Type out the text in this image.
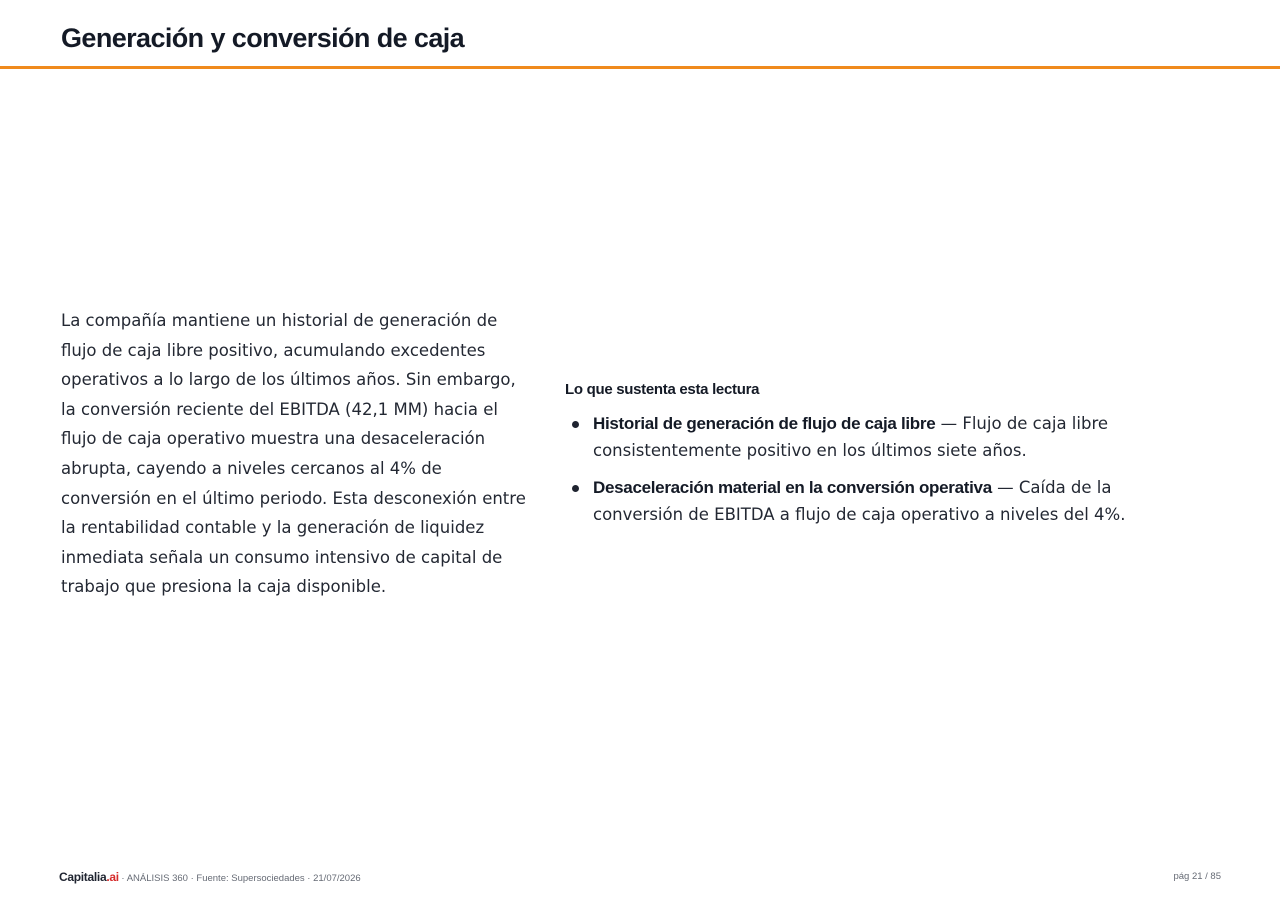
Generación y conversión de caja

La compañía mantiene un historial de generación de flujo de caja libre positivo, acumulando excedentes operativos a lo largo de los últimos años. Sin embargo, la conversión reciente del EBITDA (42,1 MM) hacia el flujo de caja operativo muestra una desaceleración abrupta, cayendo a niveles cercanos al 4% de conversión en el último periodo. Esta desconexión entre la rentabilidad contable y la generación de liquidez inmediata señala un consumo intensivo de capital de trabajo que presiona la caja disponible.

Lo que sustenta esta lectura
Historial de generación de flujo de caja libre — Flujo de caja libre consistentemente positivo en los últimos siete años.
Desaceleración material en la conversión operativa — Caída de la conversión de EBITDA a flujo de caja operativo a niveles del 4%.
Capitalia.ai · ANÁLISIS 360 · Fuente: Supersociedades · 21/07/2026	pág 21 / 85
